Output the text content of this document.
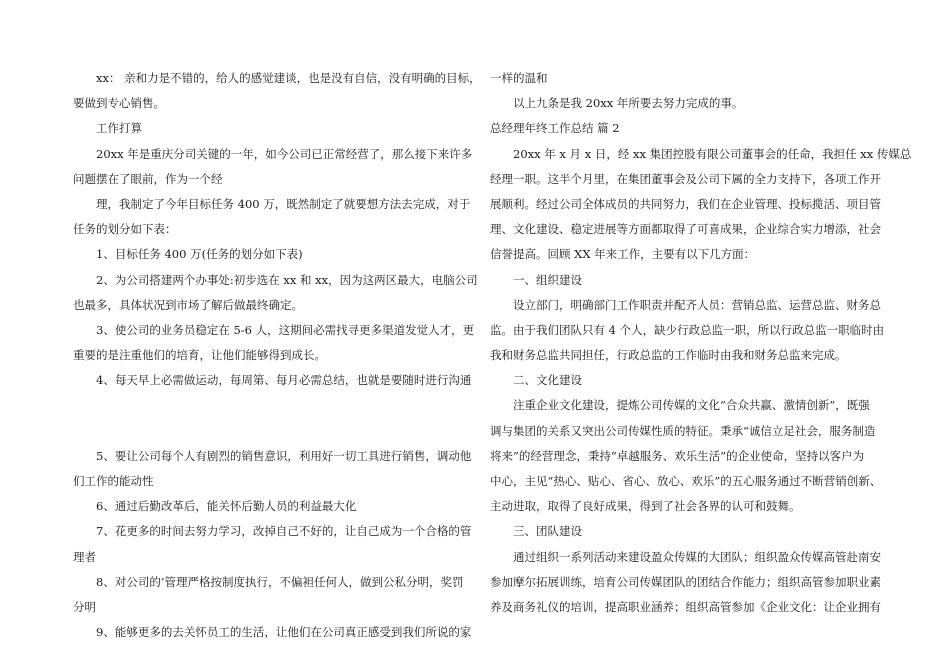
xx： 亲和力是不错的，给人的感觉建谈，也是没有自信，没有明确的目标，
要做到专心销售。
工作打算
20xx 年是重庆分司关键的一年，如今公司已正常经营了，那么接下来许多
问题摆在了眼前，作为一个经
理，我制定了今年目标任务 400 万，既然制定了就要想方法去完成，对于
任务的划分如下表：
1、目标任务 400 万(任务的划分如下表)
2、为公司搭建两个办事处:初步选在 xx 和 xx，因为这两区最大，电脑公司
也最多，具体状况到市场了解后做最终确定。
3、使公司的业务员稳定在 5-6 人，这期间必需找寻更多渠道发觉人才，更
重要的是注重他们的培育，让他们能够得到成长。
4、每天早上必需做运动，每周第、每月必需总结，也就是要随时进行沟通
5、要让公司每个人有剧烈的销售意识，利用好一切工具进行销售，调动他
们工作的能动性
6、通过后勤改革后，能关怀后勤人员的利益最大化
7、花更多的时间去努力学习，改掉自己不好的，让自己成为一个合格的管
理者
8、对公司的’管理严格按制度执行，不偏袒任何人，做到公私分明，奖罚
分明
9、能够更多的去关怀员工的生活，让他们在公司真正感受到我们所说的家
一样的温和
以上九条是我 20xx 年所要去努力完成的事。
总经理年终工作总结 篇 2
20xx 年 x 月 x 日，经 xx 集团控股有限公司董事会的任命，我担任 xx 传媒总
经理一职。这半个月里，在集团董事会及公司下属的全力支持下，各项工作开
展顺利。经过公司全体成员的共同努力，我们在企业管理、投标揽活、项目管
理、文化建设、稳定进展等方面都取得了可喜成果，企业综合实力增添，社会
信誉提高。回顾 XX 年来工作，主要有以下几方面：
一、组织建设
设立部门，明确部门工作职责并配齐人员：营销总监、运营总监、财务总
监。由于我们团队只有 4 个人，缺少行政总监一职，所以行政总监一职临时由
我和财务总监共同担任，行政总监的工作临时由我和财务总监来完成。
二、文化建设
注重企业文化建设，提炼公司传媒的文化“合众共赢、激情创新”，既强
调与集团的关系又突出公司传媒性质的特征。秉承“诚信立足社会，服务制造
将来”的经营理念，秉持“卓越服务、欢乐生活”的企业使命，坚持以客户为
中心，主见“热心、贴心、省心、放心、欢乐”的五心服务通过不断营销创新、
主动进取，取得了良好成果，得到了社会各界的认可和鼓舞。
三、团队建设
通过组织一系列活动来建设盈众传媒的大团队；组织盈众传媒高管赴南安
参加摩尔拓展训练，培育公司传媒团队的团结合作能力；组织高管参加职业素
养及商务礼仪的培训，提高职业涵养；组织高管参加《企业文化：让企业拥有
